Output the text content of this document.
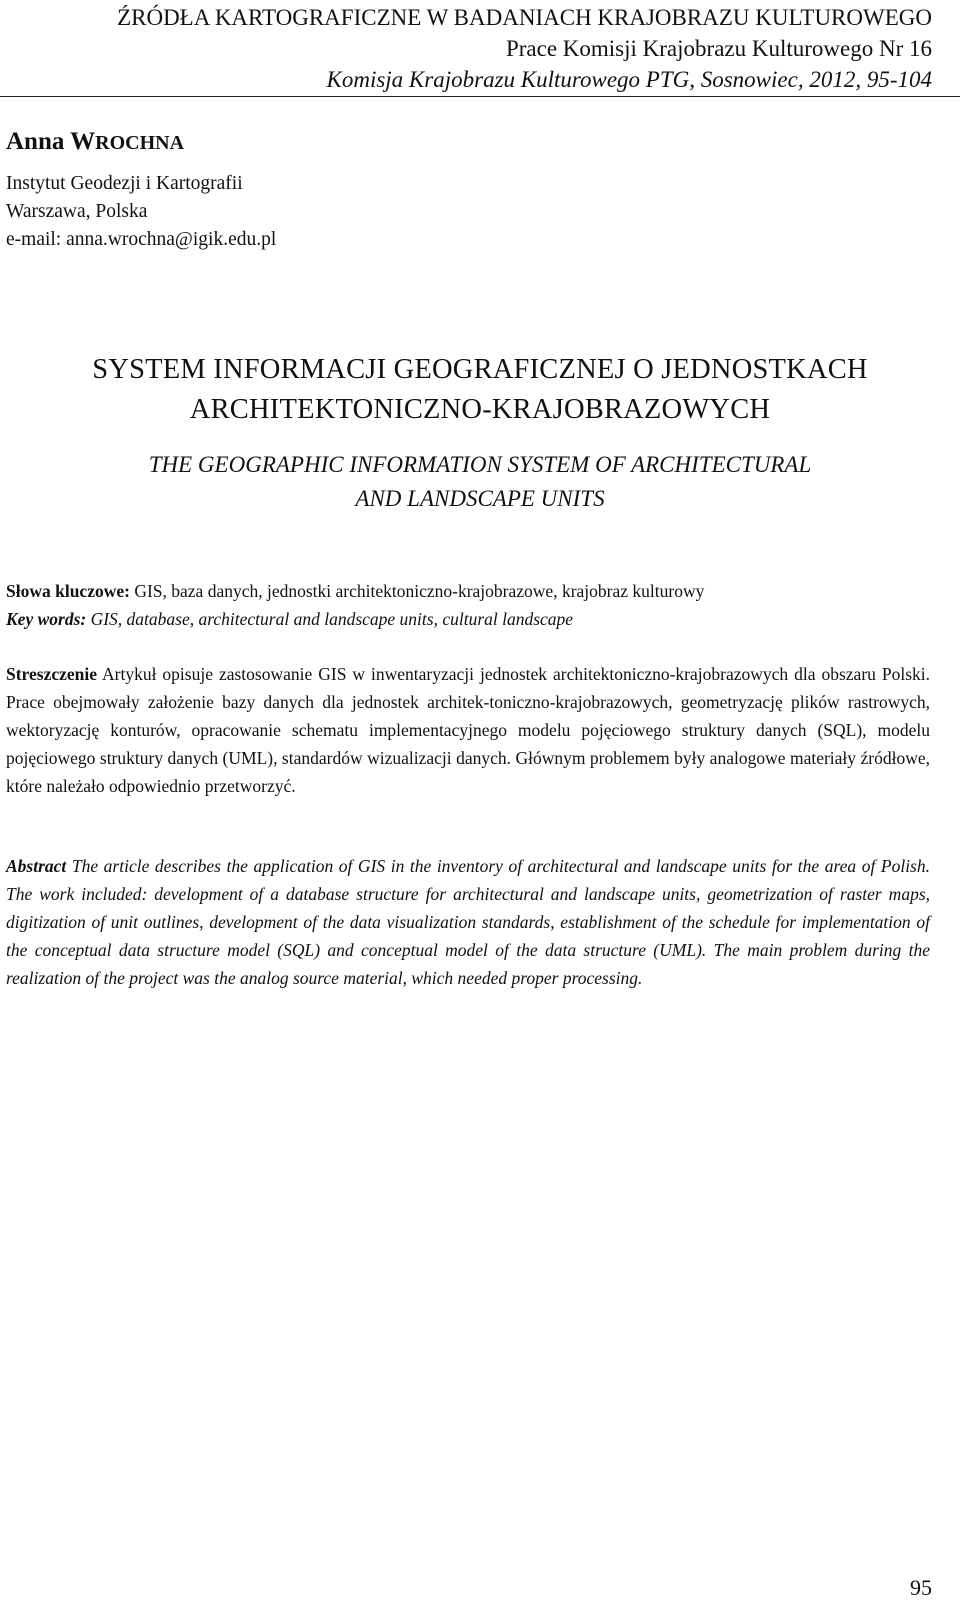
ŹRÓDŁA KARTOGRAFICZNE W BADANIACH KRAJOBRAZU KULTUROWEGO
Prace Komisji Krajobrazu Kulturowego Nr 16
Komisja Krajobrazu Kulturowego PTG, Sosnowiec, 2012, 95-104
Anna WROCHNA
Instytut Geodezji i Kartografii
Warszawa, Polska
e-mail: anna.wrochna@igik.edu.pl
SYSTEM INFORMACJI GEOGRAFICZNEJ O JEDNOSTKACH
ARCHITEKTONICZNO-KRAJOBRAZOWYCH
THE GEOGRAPHIC INFORMATION SYSTEM OF ARCHITECTURAL
AND LANDSCAPE UNITS

Słowa kluczowe: GIS, baza danych, jednostki architektoniczno-krajobrazowe, krajobraz kulturowy

Key words: GIS, database, architectural and landscape units, cultural landscape

Streszczenie Artykuł opisuje zastosowanie GIS w inwentaryzacji jednostek architektoniczno-krajobrazowych dla obszaru Polski. Prace obejmowały założenie bazy danych dla jednostek architek-toniczno-krajobrazowych, geometryzację plików rastrowych, wektoryzację konturów, opracowanie schematu implementacyjnego modelu pojęciowego struktury danych (SQL), modelu pojęciowego struktury danych (UML), standardów wizualizacji danych. Głównym problemem były analogowe materiały źródłowe, które należało odpowiednio przetworzyć.

Abstract The article describes the application of GIS in the inventory of architectural and landscape units for the area of Polish. The work included: development of a database structure for architectural and landscape units, geometrization of raster maps, digitization of unit outlines, development of the data visualization standards, establishment of the schedule for implementation of the conceptual data structure model (SQL) and conceptual model of the data structure (UML). The main problem during the realization of the project was the analog source material, which needed proper processing.

95
